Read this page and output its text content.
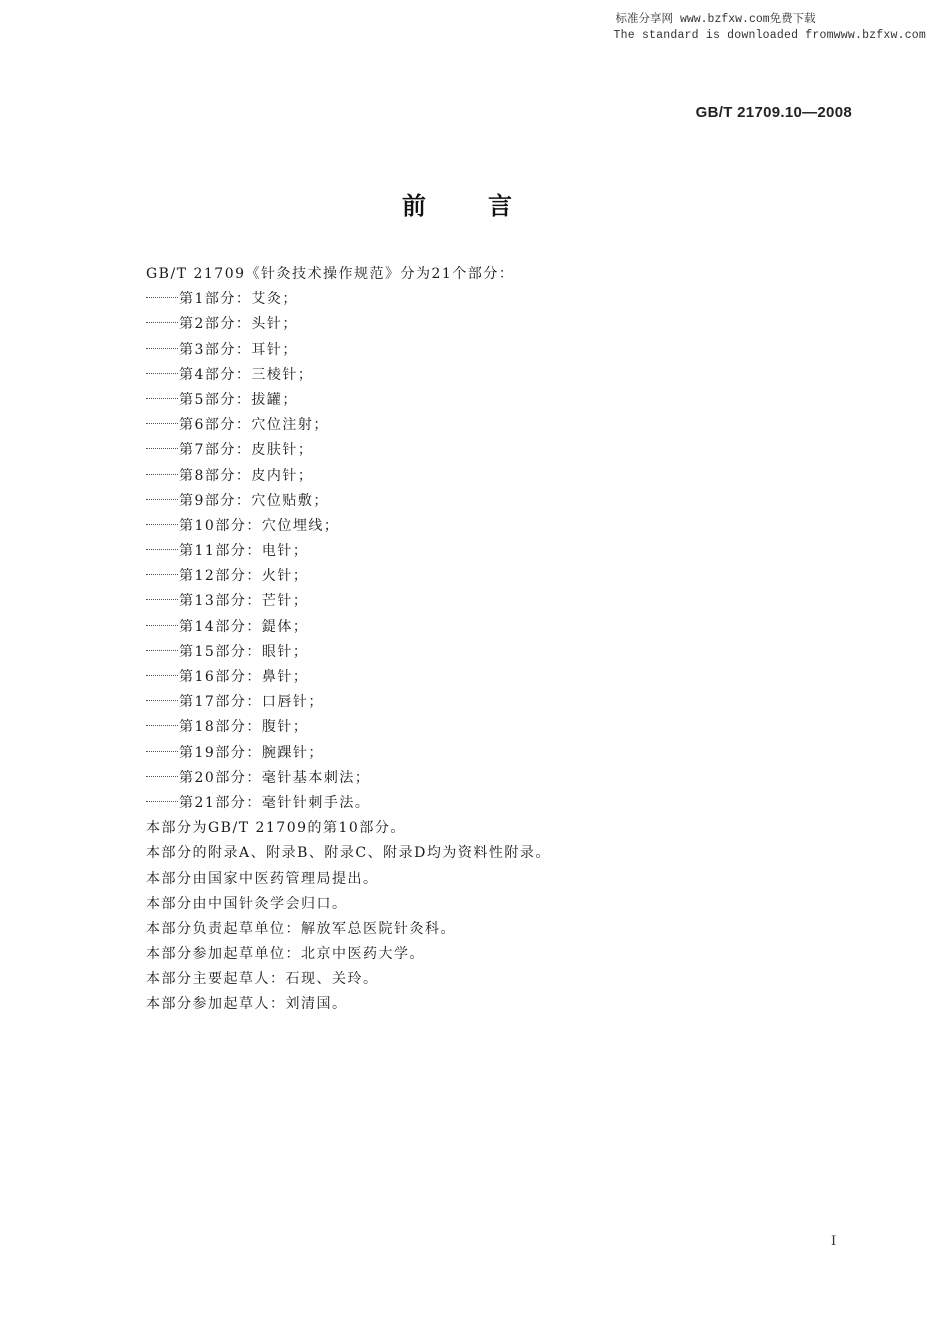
标准分享网 www.bzfxw.com免费下载
The standard is downloaded fromwww.bzfxw.com
GB/T 21709.10—2008
前言
GB/T 21709《针灸技术操作规范》分为21个部分：
第1部分：艾灸；
第2部分：头针；
第3部分：耳针；
第4部分：三棱针；
第5部分：拔罐；
第6部分：穴位注射；
第7部分：皮肤针；
第8部分：皮内针；
第9部分：穴位贴敷；
第10部分：穴位埋线；
第11部分：电针；
第12部分：火针；
第13部分：芒针；
第14部分：鍉体；
第15部分：眼针；
第16部分：鼻针；
第17部分：口唇针；
第18部分：腹针；
第19部分：腕踝针；
第20部分：毫针基本刺法；
第21部分：毫针针刺手法。
本部分为GB/T 21709的第10部分。
本部分的附录A、附录B、附录C、附录D均为资料性附录。
本部分由国家中医药管理局提出。
本部分由中国针灸学会归口。
本部分负责起草单位：解放军总医院针灸科。
本部分参加起草单位：北京中医药大学。
本部分主要起草人：石现、关玲。
本部分参加起草人：刘清国。
I
